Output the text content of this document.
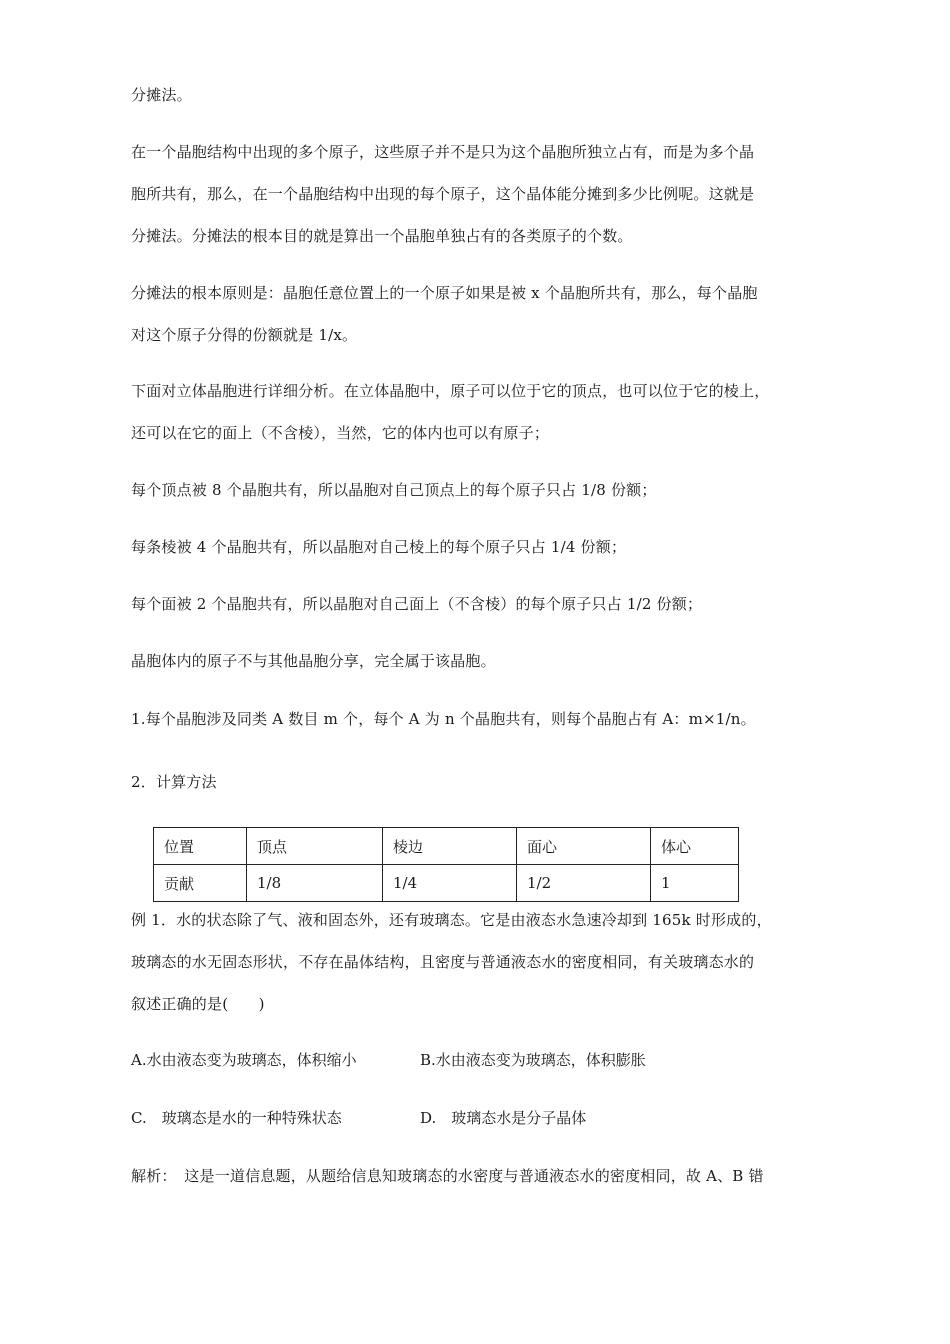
分摊法。
在一个晶胞结构中出现的多个原子，这些原子并不是只为这个晶胞所独立占有，而是为多个晶
胞所共有，那么，在一个晶胞结构中出现的每个原子，这个晶体能分摊到多少比例呢。这就是
分摊法。分摊法的根本目的就是算出一个晶胞单独占有的各类原子的个数。
分摊法的根本原则是：晶胞任意位置上的一个原子如果是被 x 个晶胞所共有，那么，每个晶胞
对这个原子分得的份额就是 1/x。
下面对立体晶胞进行详细分析。在立体晶胞中，原子可以位于它的顶点，也可以位于它的棱上，
还可以在它的面上（不含棱），当然，它的体内也可以有原子；
每个顶点被 8 个晶胞共有，所以晶胞对自己顶点上的每个原子只占 1/8 份额；
每条棱被 4 个晶胞共有，所以晶胞对自己棱上的每个原子只占 1/4 份额；
每个面被 2 个晶胞共有，所以晶胞对自己面上（不含棱）的每个原子只占 1/2 份额；
晶胞体内的原子不与其他晶胞分享，完全属于该晶胞。
1.每个晶胞涉及同类 A 数目 m 个，每个 A 为 n 个晶胞共有，则每个晶胞占有 A：m×1/n。
2．计算方法
位置	顶点	棱边	面心	体心
贡献	1/8	1/4	1/2	1
例 1．水的状态除了气、液和固态外，还有玻璃态。它是由液态水急速冷却到 165k 时形成的，
玻璃态的水无固态形状，不存在晶体结构，且密度与普通液态水的密度相同，有关玻璃态水的
叙述正确的是(　　)
A.水由液态变为玻璃态，体积缩小	B.水由液态变为玻璃态，体积膨胀
C.　玻璃态是水的一种特殊状态	D.　玻璃态水是分子晶体
解析：　这是一道信息题，从题给信息知玻璃态的水密度与普通液态水的密度相同，故 A、B 错
